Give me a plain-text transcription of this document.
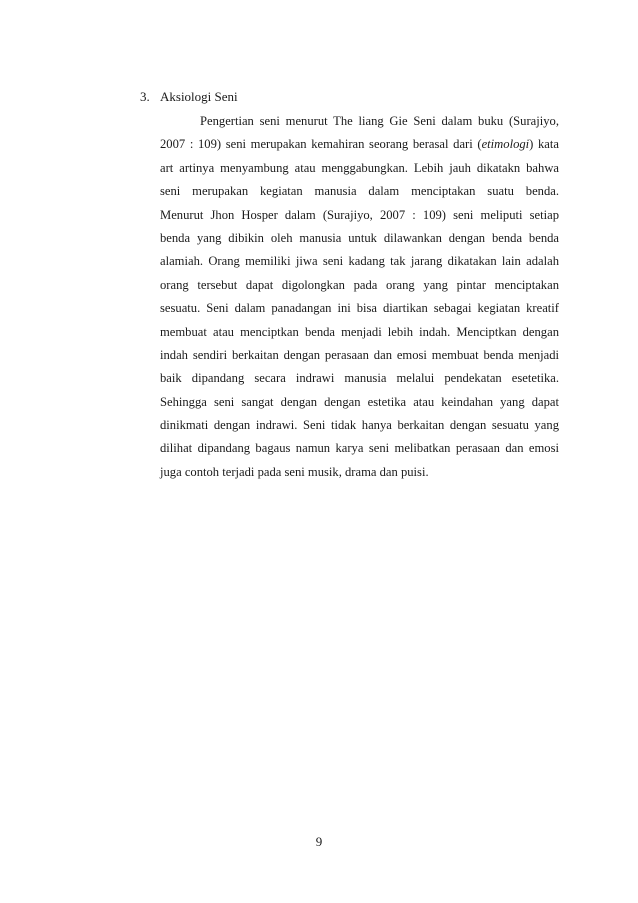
3. Aksiologi Seni
Pengertian seni menurut The liang Gie Seni dalam buku (Surajiyo,
2007 : 109) seni merupakan kemahiran seorang berasal dari (etimologi) kata
art artinya menyambung atau menggabungkan. Lebih jauh dikatakn bahwa
seni merupakan kegiatan manusia dalam menciptakan suatu benda.
Menurut Jhon Hosper dalam (Surajiyo, 2007 : 109) seni meliputi setiap
benda yang dibikin oleh manusia untuk dilawankan dengan benda benda
alamiah. Orang memiliki jiwa seni kadang tak jarang dikatakan lain adalah
orang tersebut dapat digolongkan pada orang yang pintar menciptakan
sesuatu. Seni dalam panadangan ini bisa diartikan sebagai kegiatan kreatif
membuat atau menciptkan benda menjadi lebih indah. Menciptkan dengan
indah sendiri berkaitan dengan perasaan dan emosi membuat benda menjadi
baik dipandang secara indrawi manusia melalui pendekatan esetetika.
Sehingga seni sangat dengan dengan estetika atau keindahan yang dapat
dinikmati dengan indrawi. Seni tidak hanya berkaitan dengan sesuatu yang
dilihat dipandang bagaus namun karya seni melibatkan perasaan dan emosi
juga contoh terjadi pada seni musik, drama dan puisi.
9
